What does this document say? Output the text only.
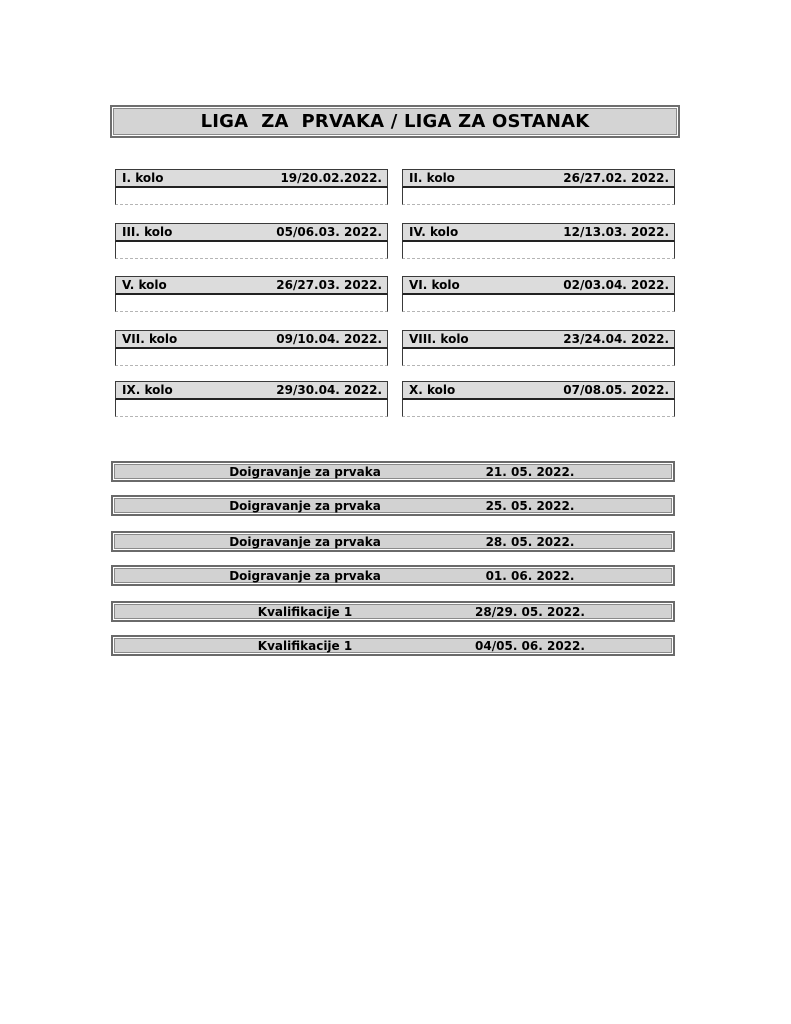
LIGA  ZA  PRVAKA / LIGA ZA OSTANAK
I. kolo	19/20.02.2022. II. kolo	26/27.02. 2022.
III. kolo	05/06.03. 2022. IV. kolo	12/13.03. 2022.
V. kolo	26/27.03. 2022. VI. kolo	02/03.04. 2022.
VII. kolo	09/10.04. 2022. VIII. kolo	23/24.04. 2022.
IX. kolo	29/30.04. 2022. X. kolo	07/08.05. 2022.
Doigravanje za prvaka	21. 05. 2022.
Doigravanje za prvaka	25. 05. 2022.
Doigravanje za prvaka	28. 05. 2022.
Doigravanje za prvaka	01. 06. 2022.
Kvalifikacije 1	28/29. 05. 2022.
Kvalifikacije 1	04/05. 06. 2022.
